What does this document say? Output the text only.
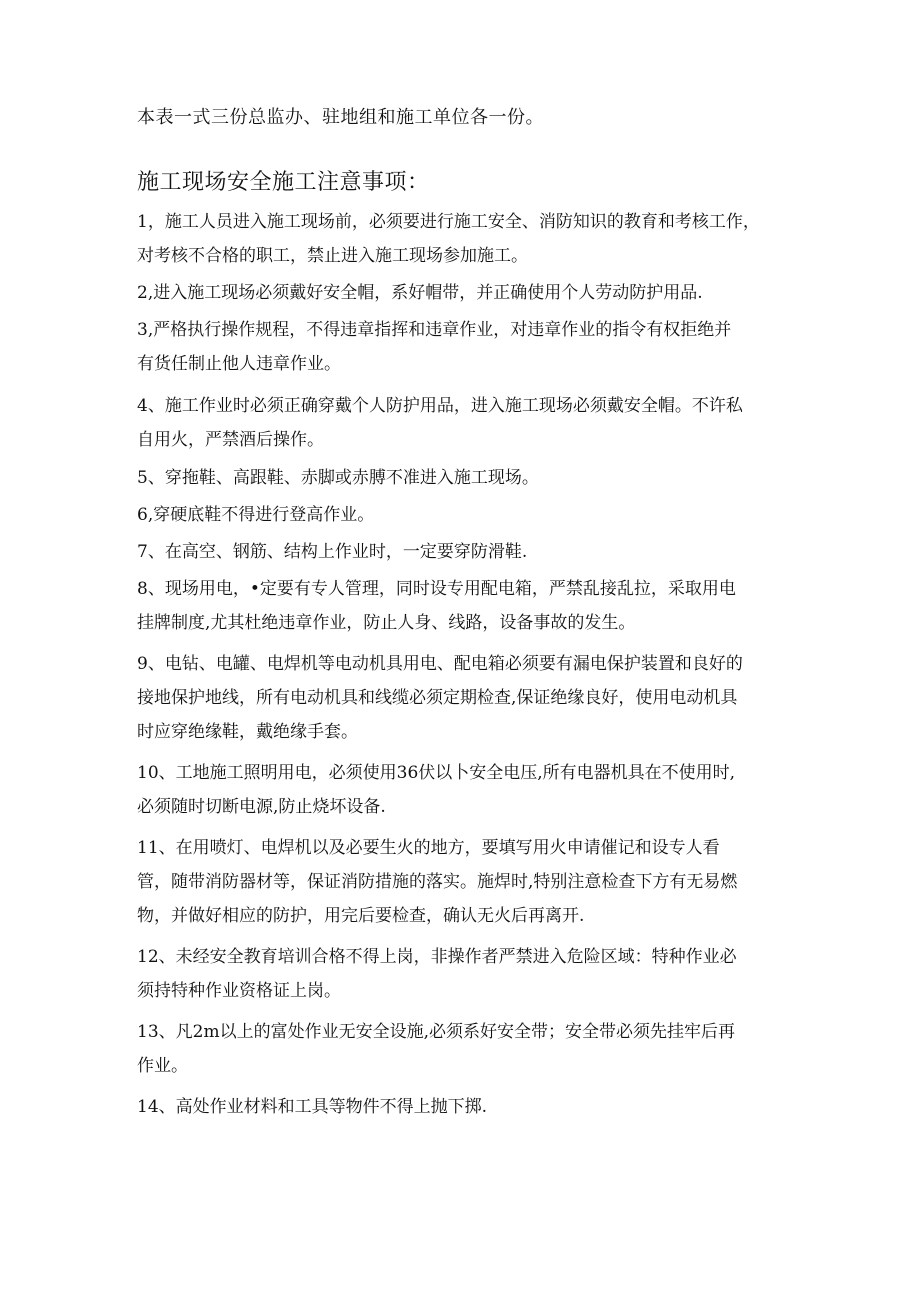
本表一式三份总监办、驻地组和施工单位各一份。
施工现场安全施工注意事项：
1，施工人员进入施工现场前，必须要进行施工安全、消防知识的教育和考核工作，
对考核不合格的职工，禁止进入施工现场参加施工。
2,进入施工现场必须戴好安全帽，系好帽带，并正确使用个人劳动防护用品.
3,严格执行操作规程，不得违章指挥和违章作业，对违章作业的指令有权拒绝并
有货任制止他人违章作业。
4、施工作业时必须正确穿戴个人防护用品，进入施工现场必须戴安全帽。不许私
自用火，严禁酒后操作。
5、穿拖鞋、高跟鞋、赤脚或赤膊不准进入施工现场。
6,穿硬底鞋不得进行登高作业。
7、在高空、钢筋、结构上作业时，一定要穿防滑鞋.
8、现场用电，•定要有专人管理，同时设专用配电箱，严禁乱接乱拉，采取用电
挂牌制度,尤其杜绝违章作业，防止人身、线路，设备事故的发生。
9、电钻、电罐、电焊机等电动机具用电、配电箱必须要有漏电保护装置和良好的
接地保护地线，所有电动机具和线缆必须定期检查,保证绝缘良好，使用电动机具
时应穿绝缘鞋，戴绝缘手套。
10、工地施工照明用电，必须使用36伏以卜安全电压,所有电器机具在不使用时,
必须随时切断电源,防止烧坏设备.
11、在用喷灯、电焊机以及必要生火的地方，要填写用火申请催记和设专人看
管，随带消防器材等，保证消防措施的落实。施焊时,特别注意检查下方有无易燃
物，并做好相应的防护，用完后要检查，确认无火后再离开.
12、未经安全教育培训合格不得上岗，非操作者严禁进入危险区域：特种作业必
须持特种作业资格证上岗。
13、凡2m以上的富处作业无安全设施,必须系好安全带；安全带必须先挂牢后再
作业。
14、高处作业材料和工具等物件不得上抛下掷.
